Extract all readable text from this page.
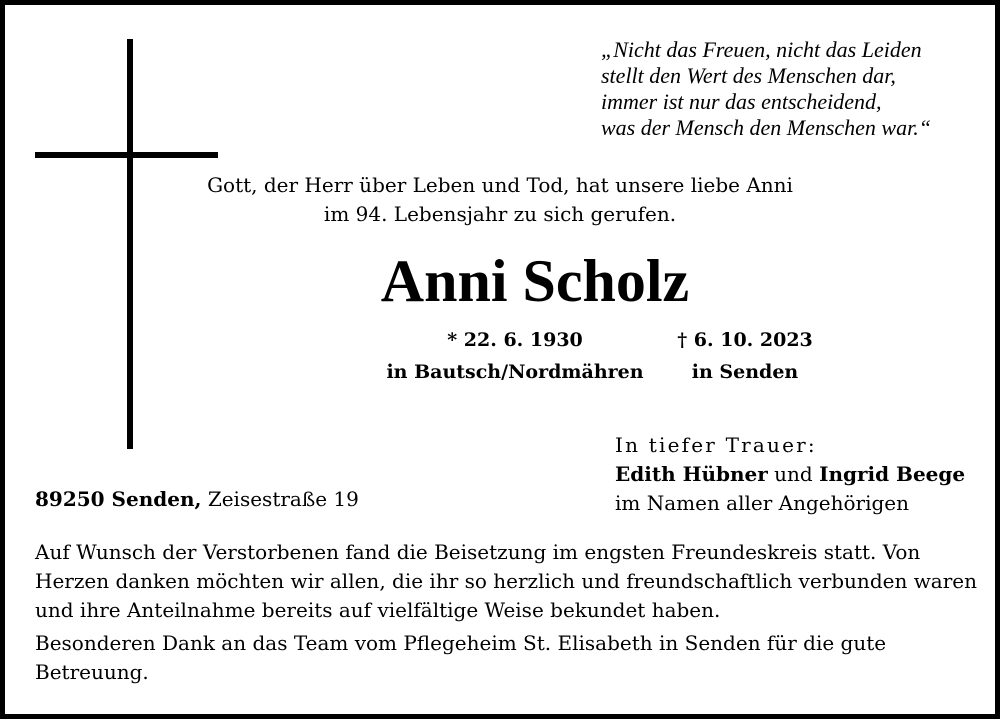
„Nicht das Freuen, nicht das Leiden
stellt den Wert des Menschen dar,
immer ist nur das entscheidend,
was der Mensch den Menschen war.“
Gott, der Herr über Leben und Tod, hat unsere liebe Anni
im 94. Lebensjahr zu sich gerufen.
Anni Scholz
* 22. 6. 1930
in Bautsch/Nordmähren
† 6. 10. 2023
in Senden
In tiefer Trauer:
Edith Hübner und Ingrid Beege
im Namen aller Angehörigen
89250 Senden, Zeisestraße 19

Auf Wunsch der Verstorbenen fand die Beisetzung im engsten Freundeskreis statt. Von Herzen danken möchten wir allen, die ihr so herzlich und freundschaftlich verbunden waren und ihre Anteilnahme bereits auf vielfältige Weise bekundet haben.

Besonderen Dank an das Team vom Pflegeheim St. Elisabeth in Senden für die gute Betreuung.
